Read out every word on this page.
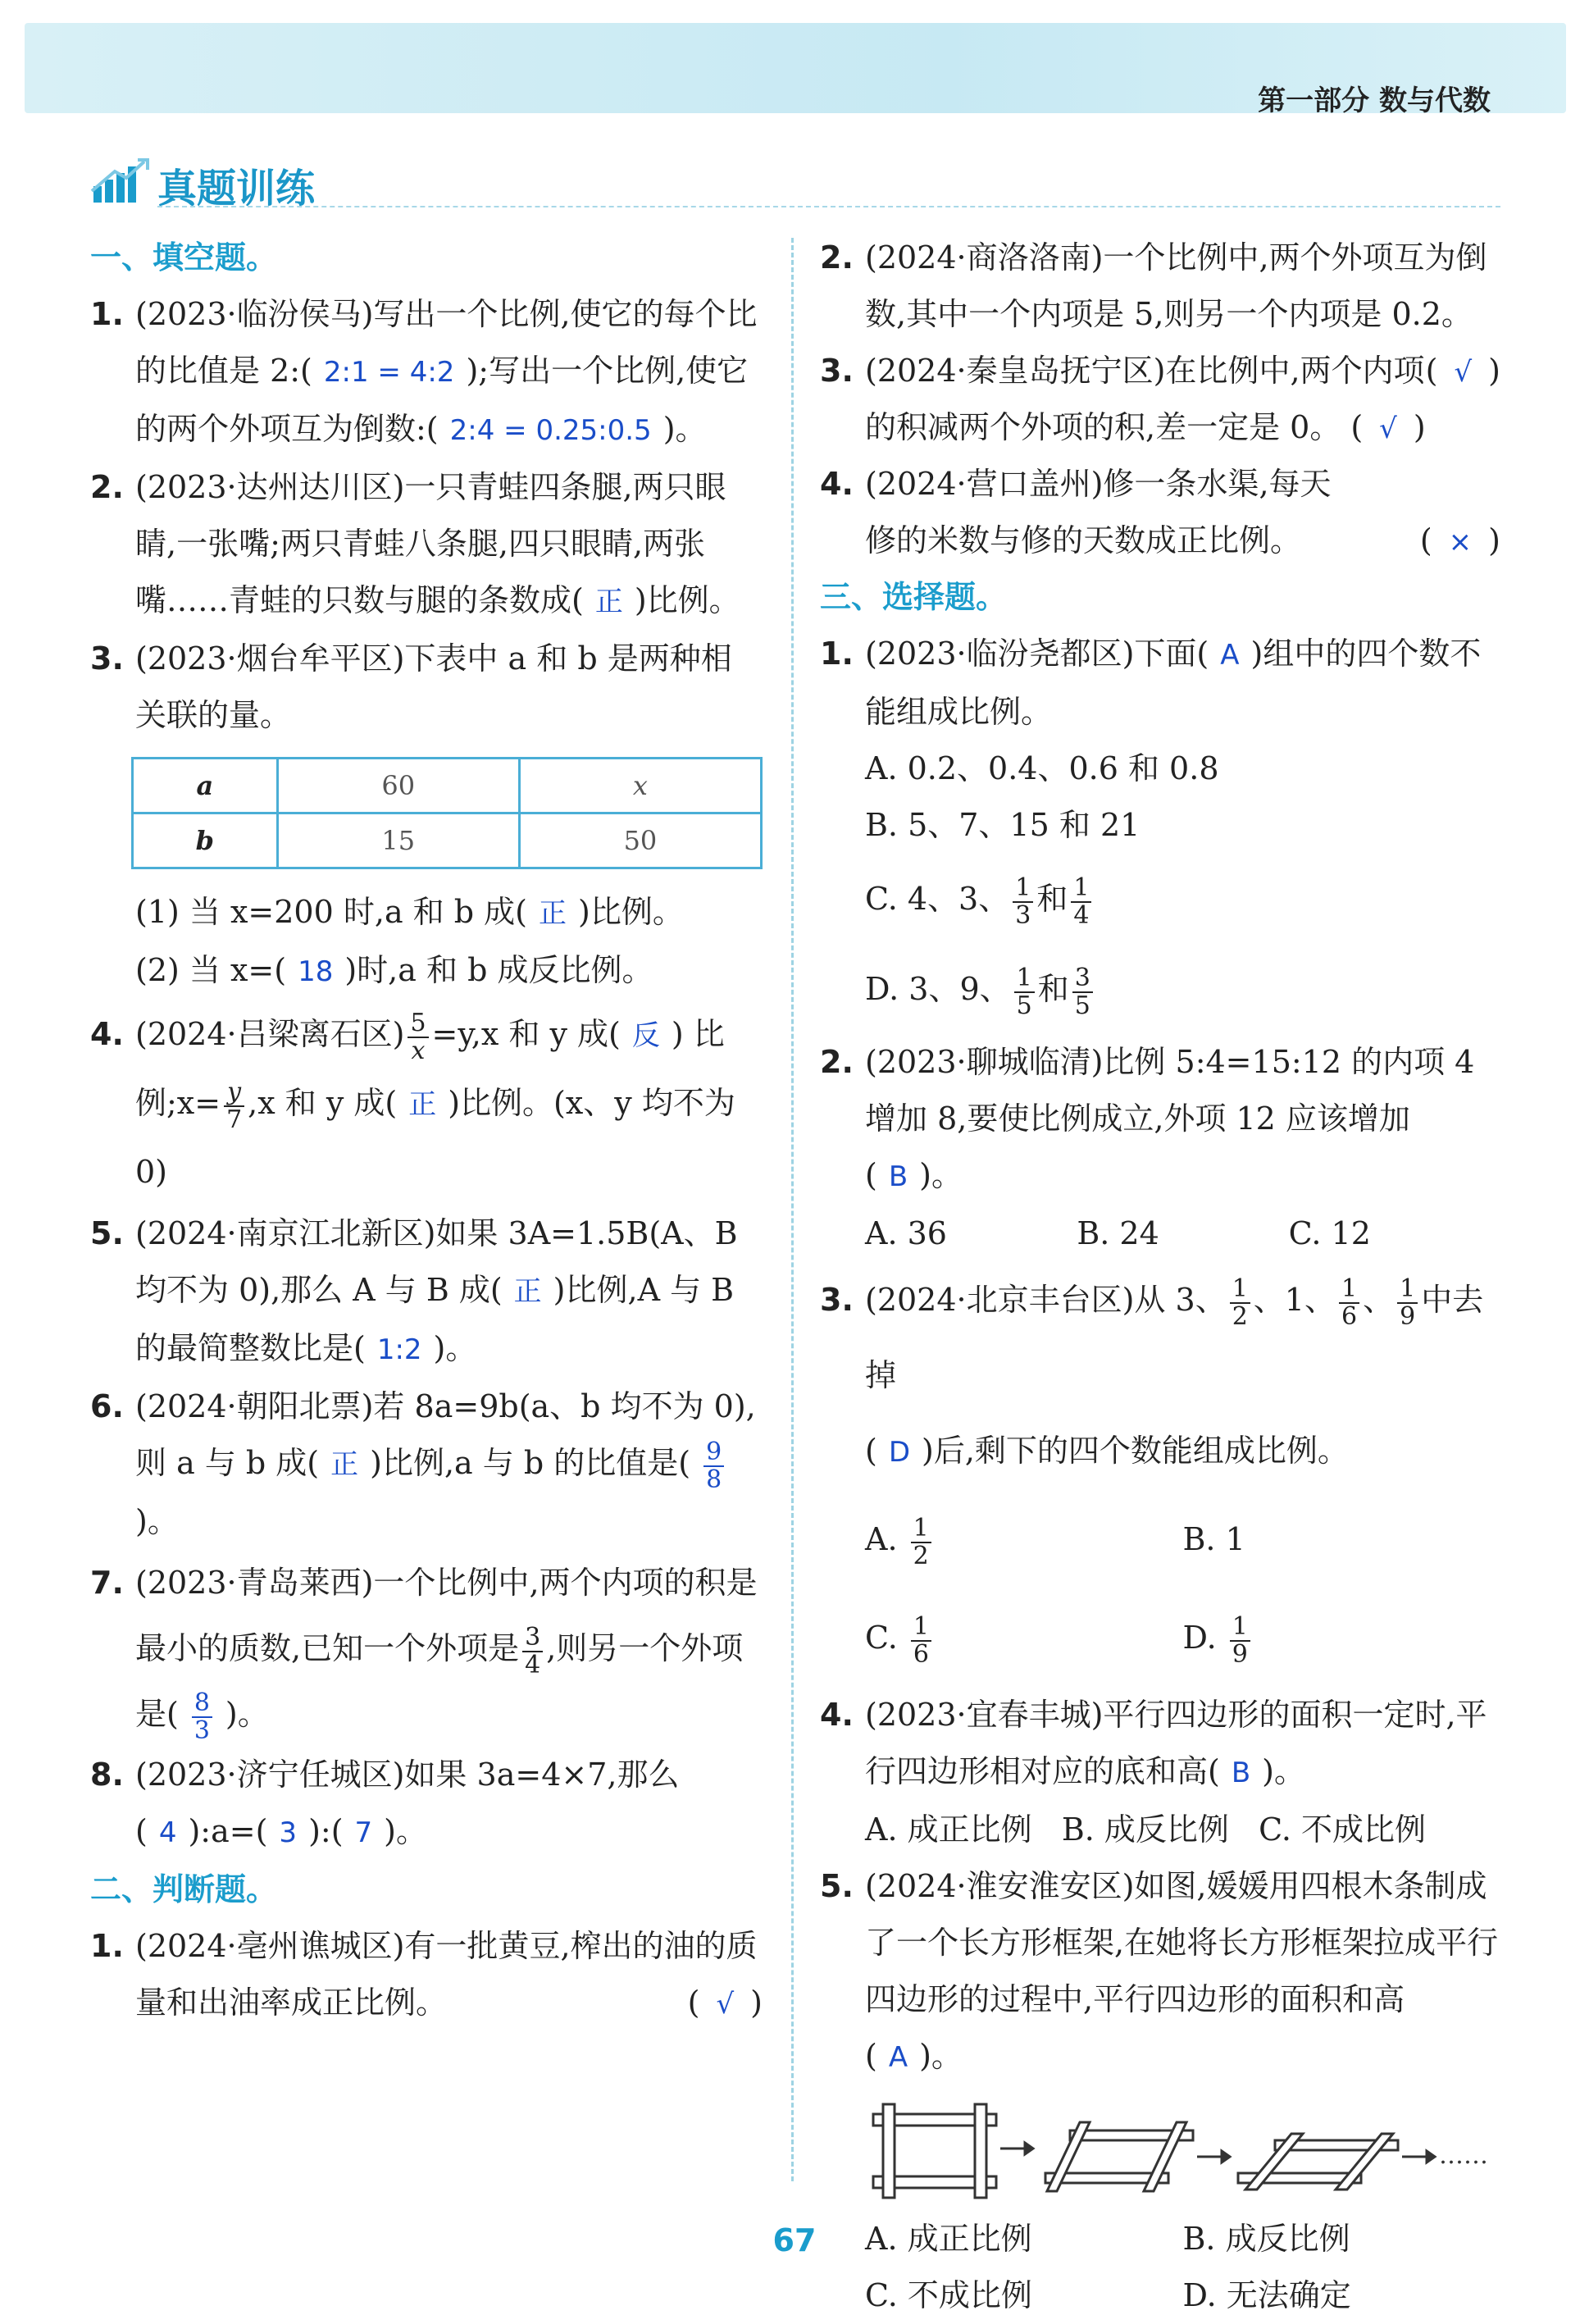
第一部分 数与代数
真题训练
一、填空题。
1. (2023·临汾侯马)写出一个比例,使它的每个比的比值是 2:( 2:1 = 4:2 );写出一个比例,使它的两个外项互为倒数:( 2:4 = 0.25:0.5 )。
2. (2023·达州达川区)一只青蛙四条腿,两只眼睛,一张嘴;两只青蛙八条腿,四只眼睛,两张嘴……青蛙的只数与腿的条数成( 正 )比例。
3. (2023·烟台牟平区)下表中 a 和 b 是两种相关联的量。
a	60	x
b	15	50
(1) 当 x=200 时,a 和 b 成( 正 )比例。
(2) 当 x=( 18 )时,a 和 b 成反比例。
4. (2024·吕梁离石区) $\frac{5}{x} =y,x$ 和 y 成( 反 ) 比例;x= $\frac{y}{7} ,x$ 和 y 成( 正 )比例。(x、y 均不为 0)
5. (2024·南京江北新区)如果 3A=1.5B(A、B 均不为 0),那么 A 与 B 成( 正 )比例,A 与 B 的最简整数比是( 1:2 )。
6. (2024·朝阳北票)若 8a=9b(a、b 均不为 0),则 a 与 b 成( 正 )比例,a 与 b 的比值是( $\frac{9}{8}$
)。
7. (2023·青岛莱西)一个比例中,两个内项的积是最小的质数,已知一个外项是 $\frac{3}{4}$ ,则另一个外项是( $\frac{8}{3}$ )。
8. (2023·济宁任城区)如果 3a=4×7,那么( 4 ):a=( 3 ):( 7 )。
二、判断题。
1. (2024·亳州谯城区)有一批黄豆,榨出的油的质量和出油率成正比例。	( √ )
2. (2024·商洛洛南)一个比例中,两个外项互为倒数,其中一个内项是 5,则另一个内项是 0.2。
( √ )
3. (2024·秦皇岛抚宁区)在比例中,两个内项的积减两个外项的积,差一定是 0。 ( √ )
4. (2024·营口盖州)修一条水渠,每天修的米数与修的天数成正比例。	( × )
三、选择题。
1. (2023·临汾尧都区)下面( A )组中的四个数不能组成比例。
A. 0.2、0.4、0.6 和 0.8
B. 5、7、15 和 21
C. 4、3、 $\frac{1}{3}$ 和 $\frac{1}{4}$
D. 3、9、 $\frac{1}{5}$ 和 $\frac{3}{5}$
2. (2023·聊城临清)比例 5:4=15:12 的内项 4 增加 8,要使比例成立,外项 12 应该增加( B )。
A. 36	B. 24	C. 12
3. (2024·北京丰台区)从 3、 $\frac{1}{2}$ 、1、 $\frac{1}{6}$ 、 $\frac{1}{9}$ 中去掉
( D )后,剩下的四个数能组成比例。
A. $\frac{1}{2}$	B. 1
C. $\frac{1}{6}$	D. $\frac{1}{9}$
4. (2023·宜春丰城)平行四边形的面积一定时,平行四边形相对应的底和高( B )。
A. 成正比例   B. 成反比例   C. 不成比例
5. (2024·淮安淮安区)如图,媛媛用四根木条制成了一个长方形框架,在她将长方形框架拉成平行四边形的过程中,平行四边形的面积和高( A )。
……
A. 成正比例	B. 成反比例
C. 不成比例	D. 无法确定
67
